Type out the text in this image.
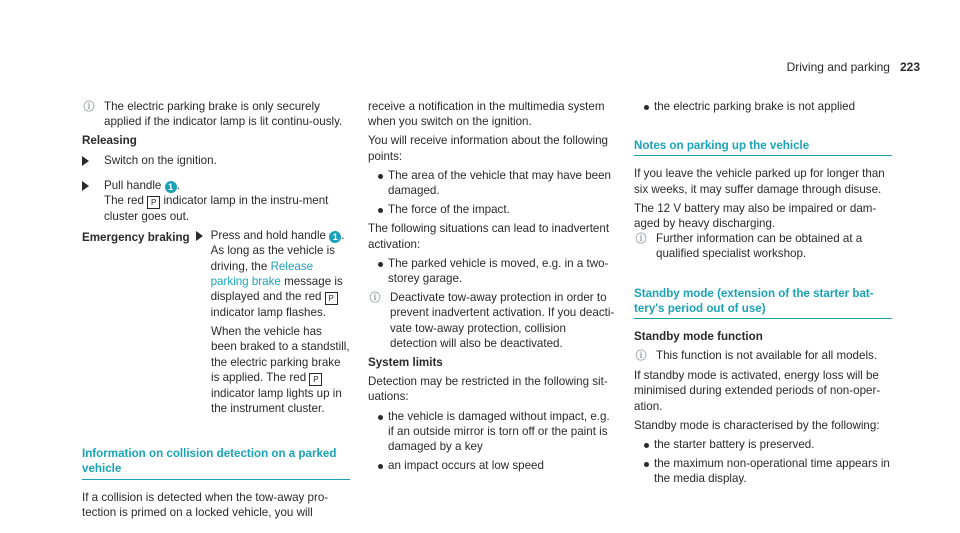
Driving and parking 223
ⓘ The electric parking brake is only securely applied if the indicator lamp is lit continu-ously.

Releasing

Switch on the ignition.

Pull handle 1 .
The red P indicator lamp in the instru-ment cluster goes out.

Emergency braking Press and hold handle 1 .
As long as the vehicle is driving, the Release parking brake message is displayed and the red P indicator lamp flashes.

When the vehicle has been braked to a standstill, the electric parking brake is applied. The red P indicator lamp lights up in the instrument cluster.

Information on collision detection on a parked vehicle

If a collision is detected when the tow-away pro-tection is primed on a locked vehicle, you will

receive a notification in the multimedia system when you switch on the ignition.

You will receive information about the following points:

The area of the vehicle that may have been damaged.

The force of the impact.

The following situations can lead to inadvertent activation:

The parked vehicle is moved, e.g. in a two-storey garage.

ⓘ Deactivate tow-away protection in order to prevent inadvertent activation. If you deacti-vate tow-away protection, collision detection will also be deactivated.

System limits

Detection may be restricted in the following sit-uations:

the vehicle is damaged without impact, e.g. if an outside mirror is torn off or the paint is damaged by a key

an impact occurs at low speed

the electric parking brake is not applied

Notes on parking up the vehicle

If you leave the vehicle parked up for longer than six weeks, it may suffer damage through disuse.

The 12 V battery may also be impaired or dam-aged by heavy discharging.

ⓘ Further information can be obtained at a qualified specialist workshop.

Standby mode (extension of the starter bat-tery's period out of use)

Standby mode function

ⓘ This function is not available for all models.

If standby mode is activated, energy loss will be minimised during extended periods of non-oper-ation.

Standby mode is characterised by the following:

the starter battery is preserved.

the maximum non-operational time appears in the media display.
